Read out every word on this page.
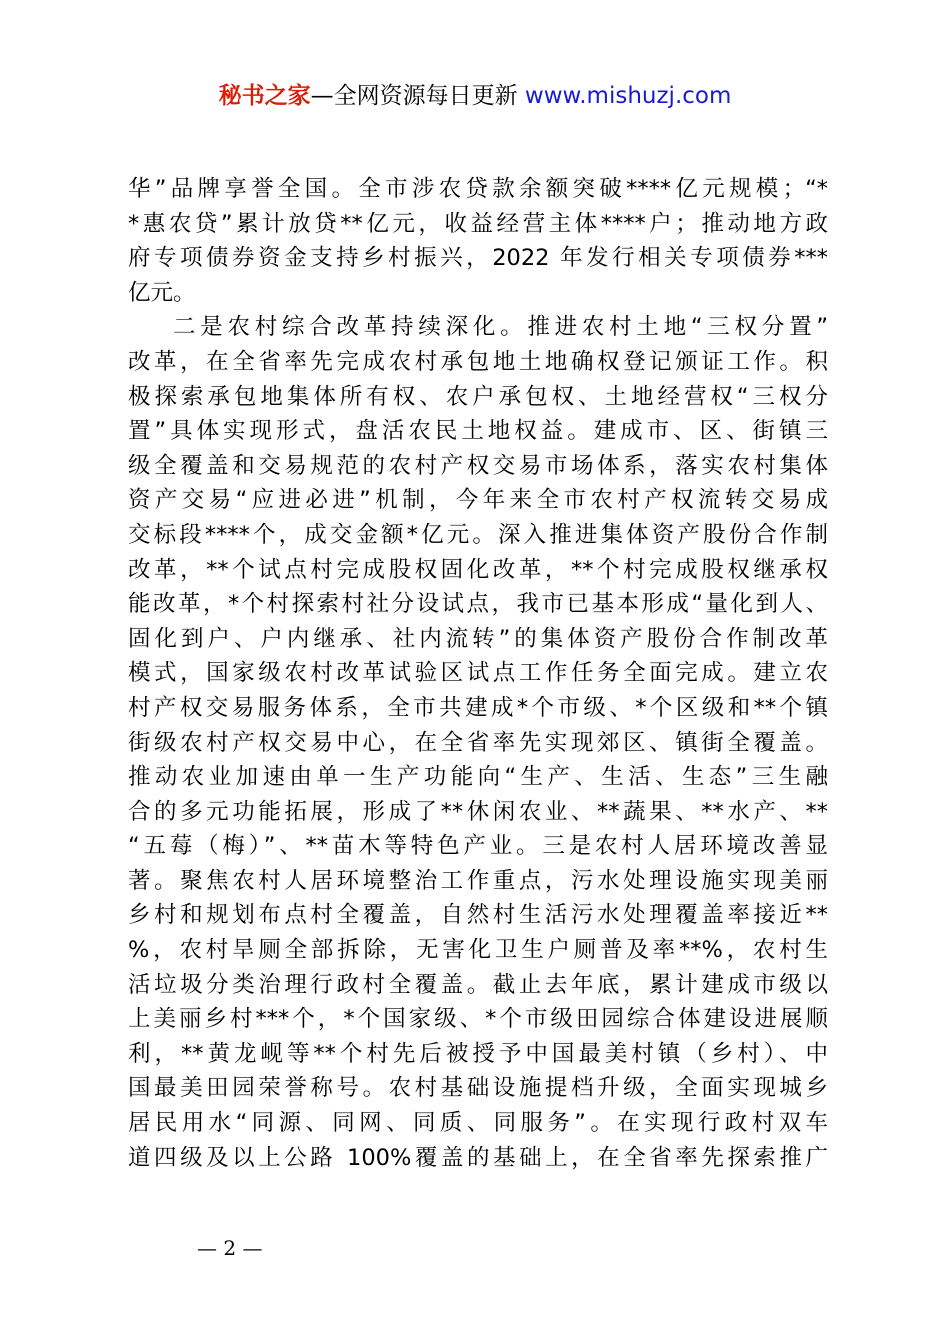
秘书之家—全网资源每日更新 www.mishuzj.com
华”品牌享誉全国。全市涉农贷款余额突破****亿元规模；“*
*惠农贷”累计放贷**亿元，收益经营主体****户；推动地方政
府专项债券资金支持乡村振兴，2022 年发行相关专项债券***
亿元。
二是农村综合改革持续深化。推进农村土地“三权分置”
改革，在全省率先完成农村承包地土地确权登记颁证工作。积
极探索承包地集体所有权、农户承包权、土地经营权“三权分
置”具体实现形式，盘活农民土地权益。建成市、区、街镇三
级全覆盖和交易规范的农村产权交易市场体系，落实农村集体
资产交易“应进必进”机制，今年来全市农村产权流转交易成
交标段****个，成交金额*亿元。深入推进集体资产股份合作制
改革，**个试点村完成股权固化改革，**个村完成股权继承权
能改革，*个村探索村社分设试点，我市已基本形成“量化到人、
固化到户、户内继承、社内流转”的集体资产股份合作制改革
模式，国家级农村改革试验区试点工作任务全面完成。建立农
村产权交易服务体系，全市共建成*个市级、*个区级和**个镇
街级农村产权交易中心，在全省率先实现郊区、镇街全覆盖。
推动农业加速由单一生产功能向“生产、生活、生态”三生融
合的多元功能拓展，形成了**休闲农业、**蔬果、**水产、**
“五莓（梅）”、**苗木等特色产业。三是农村人居环境改善显
著。聚焦农村人居环境整治工作重点，污水处理设施实现美丽
乡村和规划布点村全覆盖，自然村生活污水处理覆盖率接近**
%，农村旱厕全部拆除，无害化卫生户厕普及率**%，农村生
活垃圾分类治理行政村全覆盖。截止去年底，累计建成市级以
上美丽乡村***个，*个国家级、*个市级田园综合体建设进展顺
利，**黄龙岘等**个村先后被授予中国最美村镇（乡村）、中
国最美田园荣誉称号。农村基础设施提档升级，全面实现城乡
居民用水“同源、同网、同质、同服务”。在实现行政村双车
道四级及以上公路 100%覆盖的基础上，在全省率先探索推广
— 2 —
